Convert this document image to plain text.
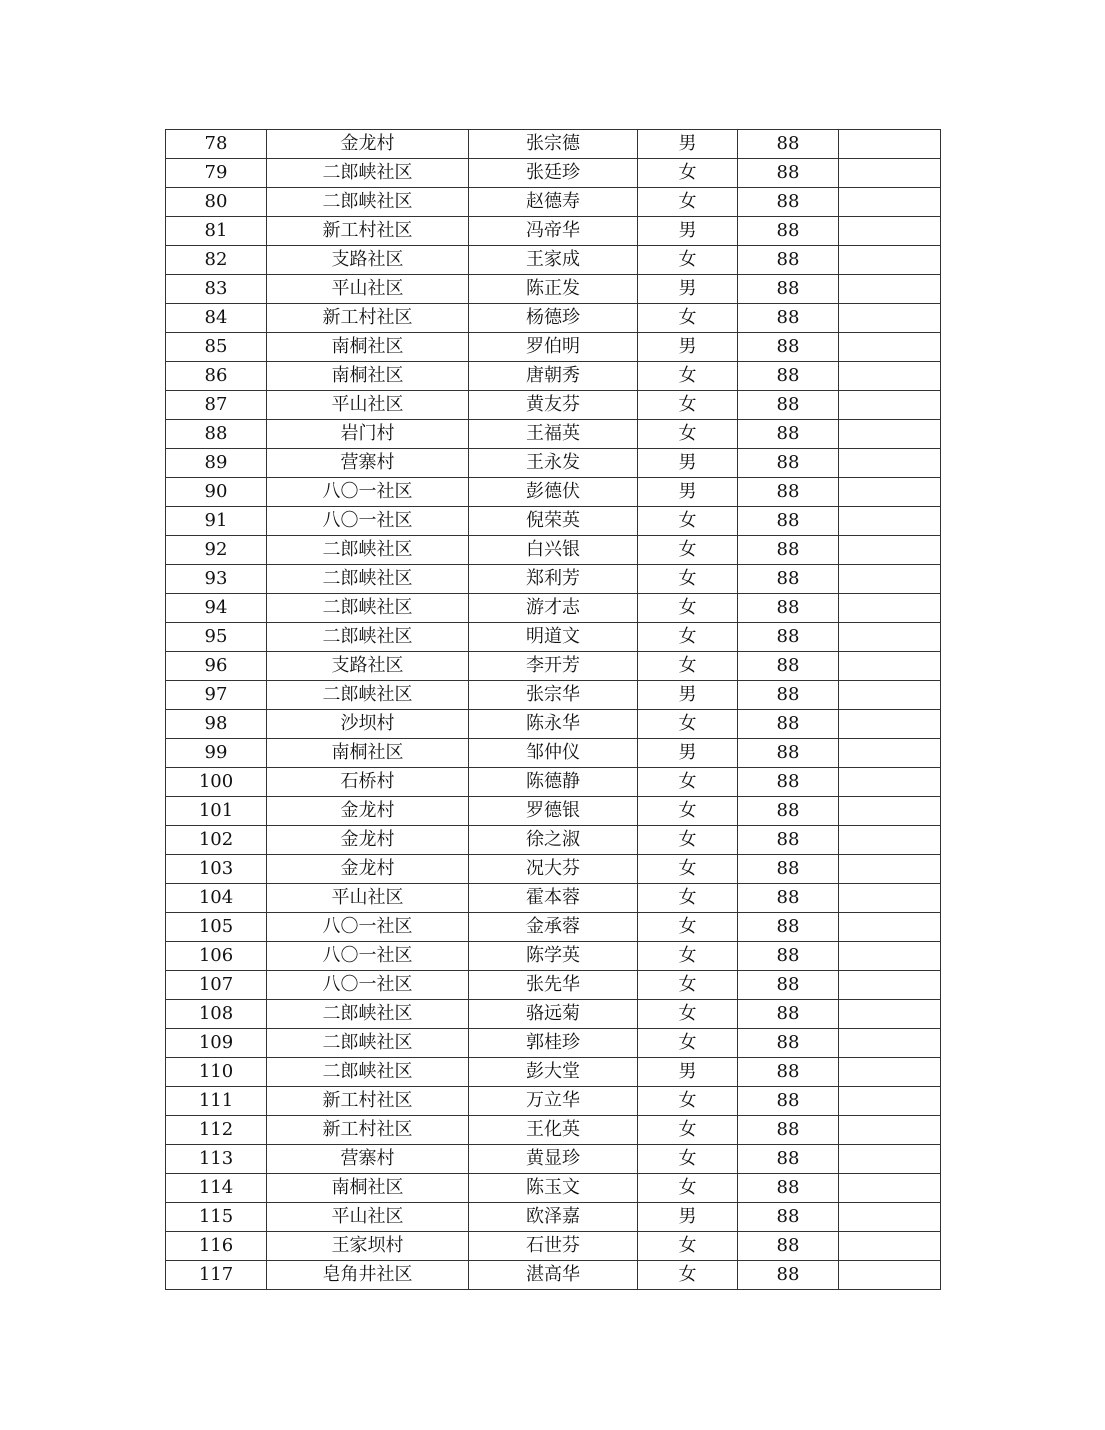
78	金龙村	张宗德	男	88	
79	二郎峡社区	张廷珍	女	88	
80	二郎峡社区	赵德寿	女	88	
81	新工村社区	冯帝华	男	88	
82	支路社区	王家成	女	88	
83	平山社区	陈正发	男	88	
84	新工村社区	杨德珍	女	88	
85	南桐社区	罗伯明	男	88	
86	南桐社区	唐朝秀	女	88	
87	平山社区	黄友芬	女	88	
88	岩门村	王福英	女	88	
89	营寨村	王永发	男	88	
90	八〇一社区	彭德伏	男	88	
91	八〇一社区	倪荣英	女	88	
92	二郎峡社区	白兴银	女	88	
93	二郎峡社区	郑利芳	女	88	
94	二郎峡社区	游才志	女	88	
95	二郎峡社区	明道文	女	88	
96	支路社区	李开芳	女	88	
97	二郎峡社区	张宗华	男	88	
98	沙坝村	陈永华	女	88	
99	南桐社区	邹仲仪	男	88	
100	石桥村	陈德静	女	88	
101	金龙村	罗德银	女	88	
102	金龙村	徐之淑	女	88	
103	金龙村	况大芬	女	88	
104	平山社区	霍本蓉	女	88	
105	八〇一社区	金承蓉	女	88	
106	八〇一社区	陈学英	女	88	
107	八〇一社区	张先华	女	88	
108	二郎峡社区	骆远菊	女	88	
109	二郎峡社区	郭桂珍	女	88	
110	二郎峡社区	彭大堂	男	88	
111	新工村社区	万立华	女	88	
112	新工村社区	王化英	女	88	
113	营寨村	黄显珍	女	88	
114	南桐社区	陈玉文	女	88	
115	平山社区	欧泽嘉	男	88	
116	王家坝村	石世芬	女	88	
117	皂角井社区	湛高华	女	88	
